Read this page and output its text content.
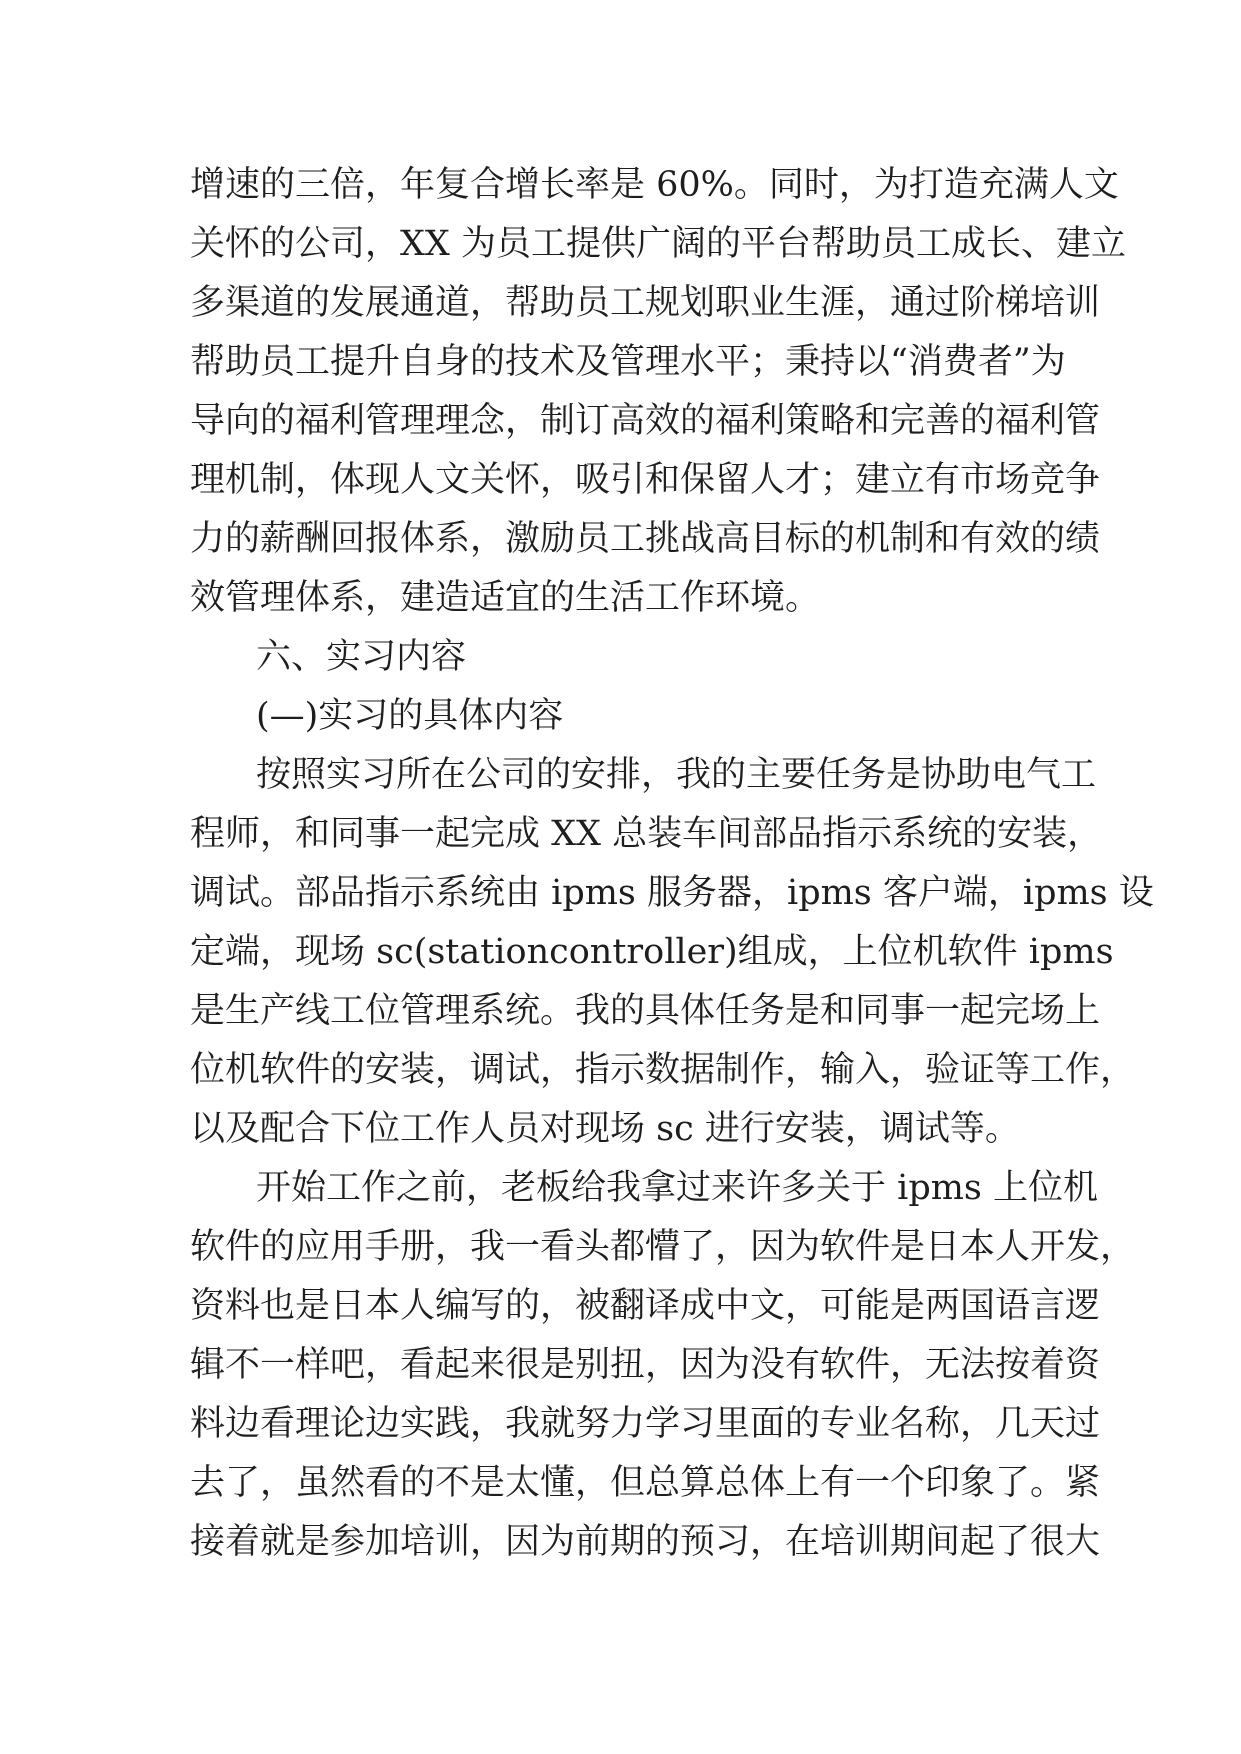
增速的三倍，年复合增长率是 60%。同时，为打造充满人文
关怀的公司，XX 为员工提供广阔的平台帮助员工成长、建立
多渠道的发展通道，帮助员工规划职业生涯，通过阶梯培训
帮助员工提升自身的技术及管理水平；秉持以“消费者”为
导向的福利管理理念，制订高效的福利策略和完善的福利管
理机制，体现人文关怀，吸引和保留人才；建立有市场竞争
力的薪酬回报体系，激励员工挑战高目标的机制和有效的绩
效管理体系，建造适宜的生活工作环境。
六、实习内容
(—)实习的具体内容
按照实习所在公司的安排，我的主要任务是协助电气工
程师，和同事一起完成 XX 总装车间部品指示系统的安装，
调试。部品指示系统由 ipms 服务器，ipms 客户端，ipms 设
定端，现场 sc(stationcontroller)组成，上位机软件 ipms
是生产线工位管理系统。我的具体任务是和同事一起完场上
位机软件的安装，调试，指示数据制作，输入，验证等工作，
以及配合下位工作人员对现场 sc 进行安装，调试等。
开始工作之前，老板给我拿过来许多关于 ipms 上位机
软件的应用手册，我一看头都懵了，因为软件是日本人开发，
资料也是日本人编写的，被翻译成中文，可能是两国语言逻
辑不一样吧，看起来很是别扭，因为没有软件，无法按着资
料边看理论边实践，我就努力学习里面的专业名称，几天过
去了，虽然看的不是太懂，但总算总体上有一个印象了。紧
接着就是参加培训，因为前期的预习，在培训期间起了很大
